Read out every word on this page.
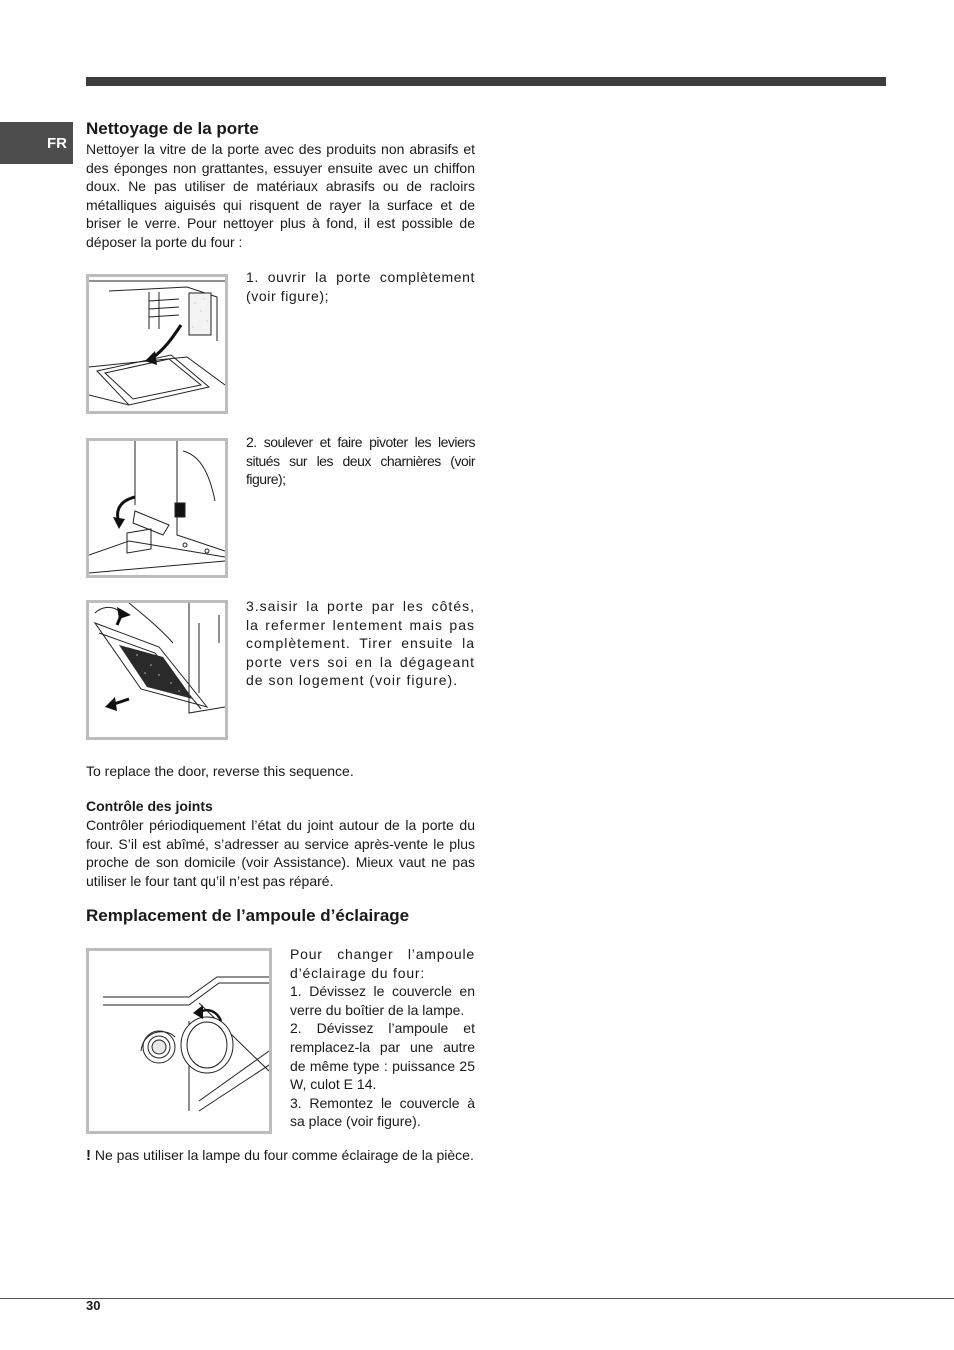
FR
Nettoyage de la porte
Nettoyer la vitre de la porte avec des produits non abrasifs et des éponges non grattantes, essuyer ensuite avec un chiffon doux. Ne pas utiliser de matériaux abrasifs ou de racloirs métalliques aiguisés qui risquent de rayer la surface et de briser le verre. Pour nettoyer plus à fond, il est possible de déposer la porte du four :
1. ouvrir la porte complètement (voir figure);
2. soulever et faire pivoter les leviers situés sur les deux charnières (voir figure);
3.saisir la porte par les côtés, la refermer lentement mais pas complètement. Tirer ensuite la porte vers soi en la dégageant de son logement (voir figure).
To replace the door, reverse this sequence.
Contrôle des joints
Contrôler périodiquement l’état du joint autour de la porte du four. S’il est abîmé, s’adresser au service après-vente le plus proche de son domicile (voir Assistance). Mieux vaut ne pas utiliser le four tant qu’il n’est pas réparé.
Remplacement de l’ampoule d’éclairage
Pour changer l’ampoule d’éclairage du four:
1. Dévissez le couvercle en verre du boîtier de la lampe.
2. Dévissez l’ampoule et remplacez-la par une autre de même type : puissance 25 W, culot E 14.
3. Remontez le couvercle à sa place (voir figure).
! Ne pas utiliser la lampe du four comme éclairage de la pièce.
30
